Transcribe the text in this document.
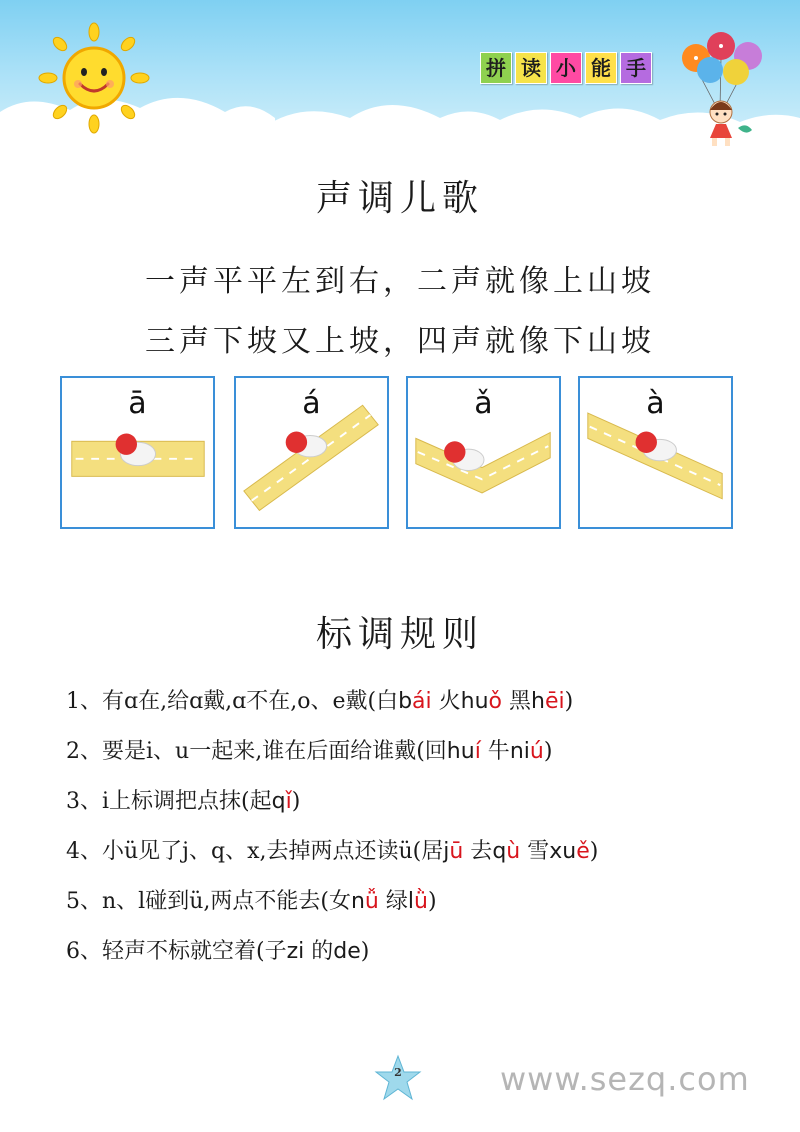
拼 读 小 能 手
声调儿歌
一声平平左到右，二声就像上山坡
三声下坡又上坡，四声就像下山坡
ā	á	ǎ	à
标调规则
1、有ɑ在,给ɑ戴,ɑ不在,o、e戴(白bái 火huǒ 黑hēi)
2、要是i、u一起来,谁在后面给谁戴(回huí 牛niú)
3、i上标调把点抹(起qǐ)
4、小ü见了j、q、x,去掉两点还读ü(居jū 去qù 雪xuě)
5、n、l碰到ü,两点不能去(女nǚ 绿lǜ)
6、轻声不标就空着(子zi 的de)
2	www.sezq.com
